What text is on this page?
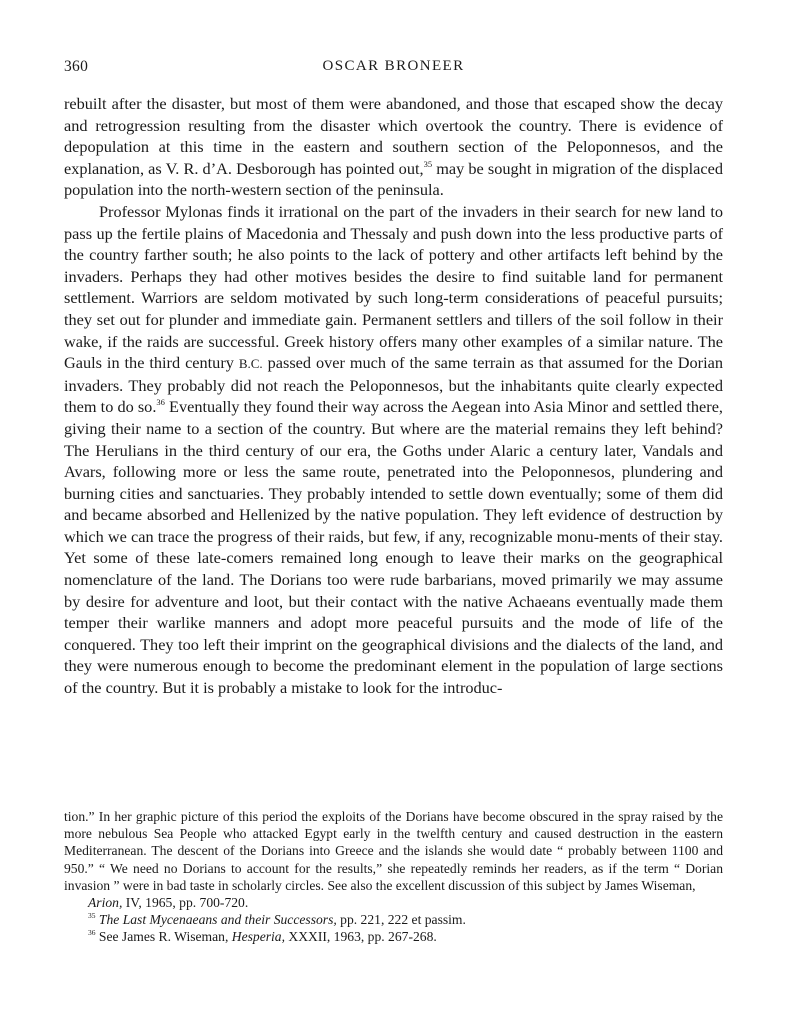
360	OSCAR BRONEER

rebuilt after the disaster, but most of them were abandoned, and those that escaped show the decay and retrogression resulting from the disaster which overtook the country. There is evidence of depopulation at this time in the eastern and southern section of the Peloponnesos, and the explanation, as V. R. d’A. Desborough has pointed out,$^{35}$ may be sought in migration of the displaced population into the north-western section of the peninsula.

Professor Mylonas finds it irrational on the part of the invaders in their search for new land to pass up the fertile plains of Macedonia and Thessaly and push down into the less productive parts of the country farther south; he also points to the lack of pottery and other artifacts left behind by the invaders. Perhaps they had other motives besides the desire to find suitable land for permanent settlement. Warriors are seldom motivated by such long-term considerations of peaceful pursuits; they set out for plunder and immediate gain. Permanent settlers and tillers of the soil follow in their wake, if the raids are successful. Greek history offers many other examples of a similar nature. The Gauls in the third century B.C. passed over much of the same terrain as that assumed for the Dorian invaders. They probably did not reach the Peloponnesos, but the inhabitants quite clearly expected them to do so.$^{36}$ Eventually they found their way across the Aegean into Asia Minor and settled there, giving their name to a section of the country. But where are the material remains they left behind? The Herulians in the third century of our era, the Goths under Alaric a century later, Vandals and Avars, following more or less the same route, penetrated into the Peloponnesos, plundering and burning cities and sanctuaries. They probably intended to settle down eventually; some of them did and became absorbed and Hellenized by the native population. They left evidence of destruction by which we can trace the progress of their raids, but few, if any, recognizable monu-ments of their stay. Yet some of these late-comers remained long enough to leave their marks on the geographical nomenclature of the land. The Dorians too were rude barbarians, moved primarily we may assume by desire for adventure and loot, but their contact with the native Achaeans eventually made them temper their warlike manners and adopt more peaceful pursuits and the mode of life of the conquered. They too left their imprint on the geographical divisions and the dialects of the land, and they were numerous enough to become the predominant element in the population of large sections of the country. But it is probably a mistake to look for the introduc-

tion.” In her graphic picture of this period the exploits of the Dorians have become obscured in the spray raised by the more nebulous Sea People who attacked Egypt early in the twelfth century and caused destruction in the eastern Mediterranean. The descent of the Dorians into Greece and the islands she would date “ probably between 1100 and 950.” “ We need no Dorians to account for the results,” she repeatedly reminds her readers, as if the term “ Dorian invasion ” were in bad taste in scholarly circles. See also the excellent discussion of this subject by James Wiseman,
Arion, IV, 1965, pp. 700-720.

$^{35}$ The Last Mycenaeans and their Successors, pp. 221, 222 et passim.

$^{36}$ See James R. Wiseman, Hesperia, XXXII, 1963, pp. 267-268.
